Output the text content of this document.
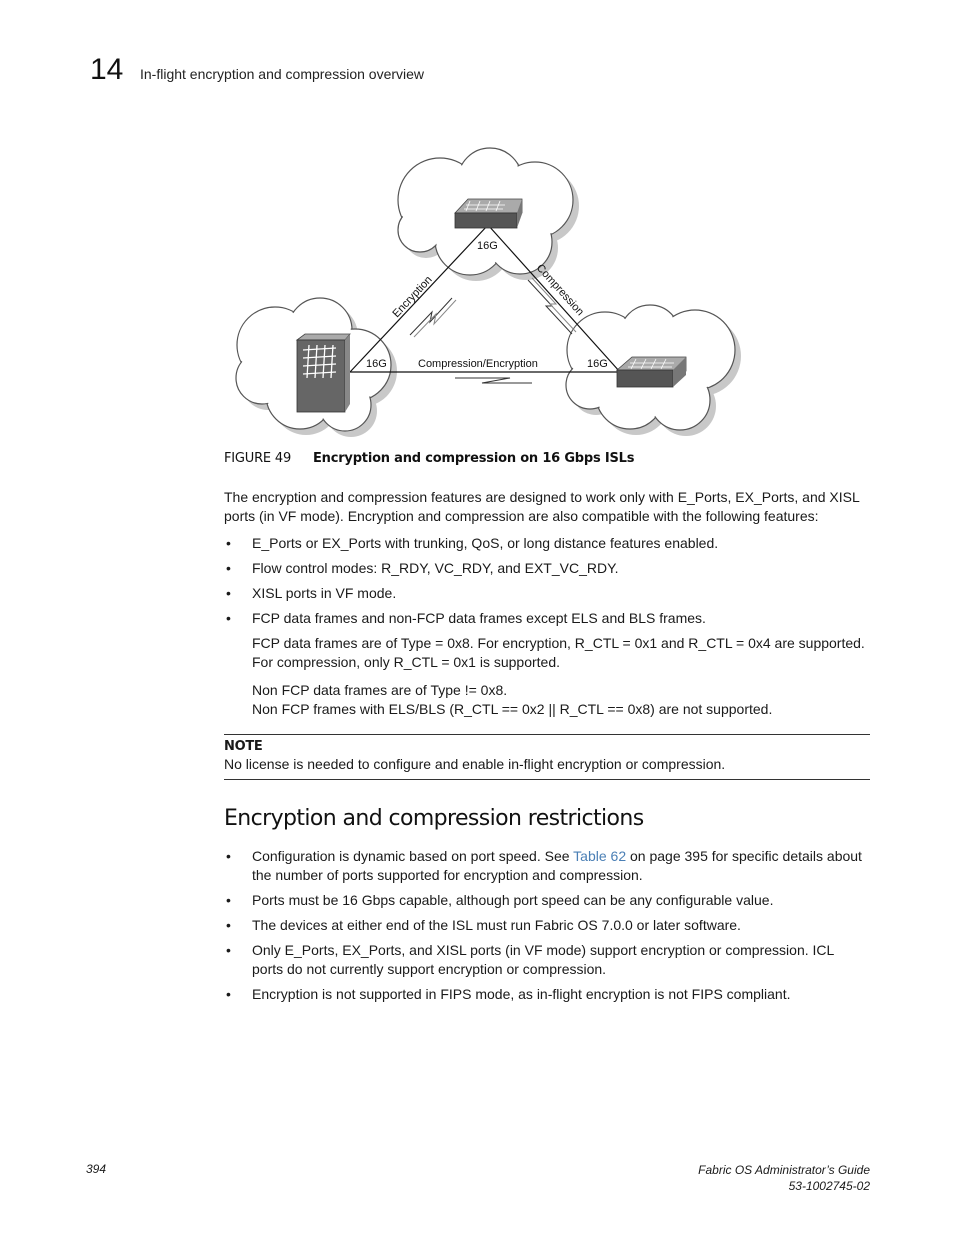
14 In-flight encryption and compression overview
16G
16G	16G
Compression/Encryption
Encryption	Compression
FIGURE 49 Encryption and compression on 16 Gbps ISLs
The encryption and compression features are designed to work only with E_Ports, EX_Ports, and XISL ports (in VF mode). Encryption and compression are also compatible with the following features:
• E_Ports or EX_Ports with trunking, QoS, or long distance features enabled.
• Flow control modes: R_RDY, VC_RDY, and EXT_VC_RDY.
• XISL ports in VF mode.
• FCP data frames and non-FCP data frames except ELS and BLS frames.
FCP data frames are of Type = 0x8. For encryption, R_CTL = 0x1 and R_CTL = 0x4 are supported. For compression, only R_CTL = 0x1 is supported.
Non FCP data frames are of Type != 0x8.
Non FCP frames with ELS/BLS (R_CTL == 0x2 || R_CTL == 0x8) are not supported.
NOTE
No license is needed to configure and enable in-flight encryption or compression.
Encryption and compression restrictions
• Configuration is dynamic based on port speed. See Table 62 on page 395 for specific details about the number of ports supported for encryption and compression.
• Ports must be 16 Gbps capable, although port speed can be any configurable value.
• The devices at either end of the ISL must run Fabric OS 7.0.0 or later software.
• Only E_Ports, EX_Ports, and XISL ports (in VF mode) support encryption or compression. ICL ports do not currently support encryption or compression.
• Encryption is not supported in FIPS mode, as in-flight encryption is not FIPS compliant.
394	Fabric OS Administrator’s Guide
53-1002745-02
